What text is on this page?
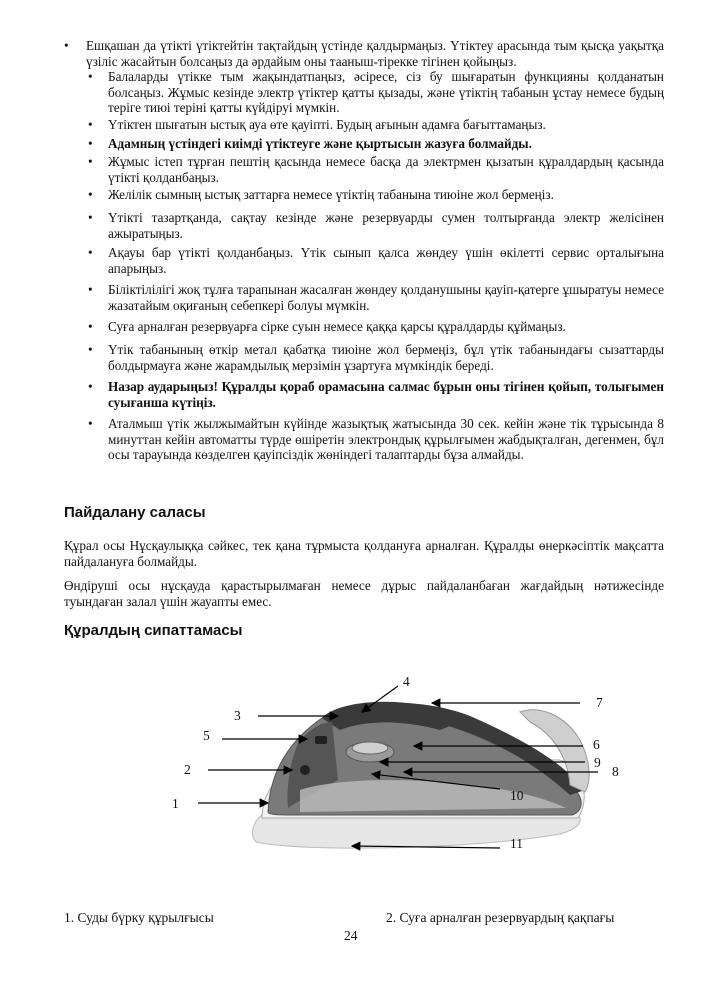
•	Ешқашан да үтікті үтіктейтін тақтайдың үстінде қалдырмаңыз. Үтіктеу арасында тым қысқа уақытқа үзіліс жасайтын болсаңыз да әрдайым оны тааныш-тірекке тігінен қойыңыз.
•	Балаларды үтікке тым жақындатпаңыз, әсіресе, сіз бу шығаратын функцияны қолданатын болсаңыз. Жұмыс кезінде электр үтіктер қатты қызады, және үтіктің табанын ұстау немесе будың теріге тиюі теріні қатты күйдіруі мүмкін.
•	Үтіктен шығатын ыстық ауа өте қауіпті. Будың ағынын адамға бағыттамаңыз.
•	Адамның үстіндегі киімді үтіктеуге және қыртысын жазуға болмайды.
•	Жұмыс істеп тұрған пештің қасында немесе басқа да электрмен қызатын құралдардың қасында үтікті қолданбаңыз.
•	Желілік сымның ыстық заттарға немесе үтіктің табанына тиюіне жол бермеңіз.
•	Үтікті тазартқанда, сақтау кезінде және резервуарды сумен толтырғанда электр желісінен ажыратыңыз.
•	Ақауы бар үтікті қолданбаңыз. Үтік сынып қалса жөндеу үшін өкілетті сервис орталығына апарыңыз.
•	Біліктілілігі жоқ тұлға тарапынан жасалған жөндеу қолданушыны қауіп-қатерге ұшыратуы немесе жазатайым оқиғаның себепкері болуы мүмкін.
•	Суға арналған резервуарға сірке суын немесе қаққа қарсы құралдарды құймаңыз.
•	Үтік табанының өткір метал қабатқа тиюіне жол бермеңіз, бұл үтік табанындағы сызаттарды болдырмауға және жарамдылық мерзімін ұзартуға мүмкіндік береді.
•	Назар аударыңыз! Құралды қораб орамасына салмас бұрын оны тігінен қойып, толығымен суығанша күтіңіз.
•	Аталмыш үтік жылжымайтын күйінде жазықтық жатысында 30 сек. кейін және тік тұрысында 8 минуттан кейін автоматты түрде өшіретін электрондық құрылғымен жабдықталған, дегенмен, бұл осы тарауында көзделген қауіпсіздік жөніндегі талаптарды бұза алмайды.
Пайдалану саласы
Құрал осы Нұсқаулыққа сәйкес, тек қана тұрмыста қолдануға арналған. Құралды өнеркәсіптік мақсатта пайдалануға болмайды.
Өндіруші осы нұсқауда қарастырылмаған немесе дұрыс пайдаланбаған жағдайдың нәтижесінде туындаған залал үшін жауапты емес.
Құралдың сипаттамасы
1
2
3
4
5
6
7
8
9
10
11
1. Суды бүрку құрылғысы	2. Суға арналған резервуардың қақпағы
24
